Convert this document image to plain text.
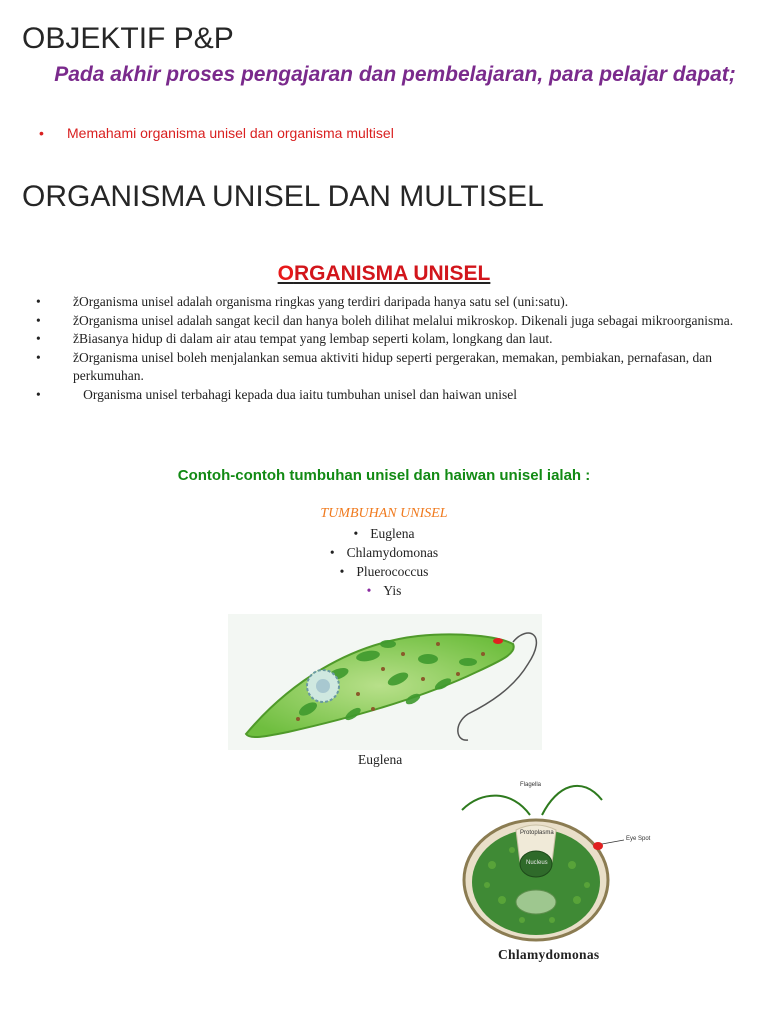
OBJEKTIF P&P
Pada akhir proses pengajaran dan pembelajaran, para pelajar dapat;
• Memahami organisma unisel dan organisma multisel
ORGANISMA UNISEL DAN MULTISEL
ORGANISMA UNISEL
• žOrganisma unisel adalah organisma ringkas yang terdiri daripada hanya satu sel (uni:satu).
• žOrganisma unisel adalah sangat kecil dan hanya boleh dilihat melalui mikroskop. Dikenali juga sebagai mikroorganisma.
• žBiasanya hidup di dalam air atau tempat yang lembap seperti kolam, longkang dan laut.
• žOrganisma unisel boleh menjalankan semua aktiviti hidup seperti pergerakan, memakan, pembiakan, pernafasan, dan perkumuhan.
• Organisma unisel terbahagi kepada dua iaitu tumbuhan unisel dan haiwan unisel
Contoh-contoh tumbuhan unisel dan haiwan unisel ialah :
TUMBUHAN UNISEL
• Euglena
• Chlamydomonas
• Pluerococcus
• Yis
Euglena
Flagella
Protoplasma
Nucleus
Eye Spot
Chlamydomonas
